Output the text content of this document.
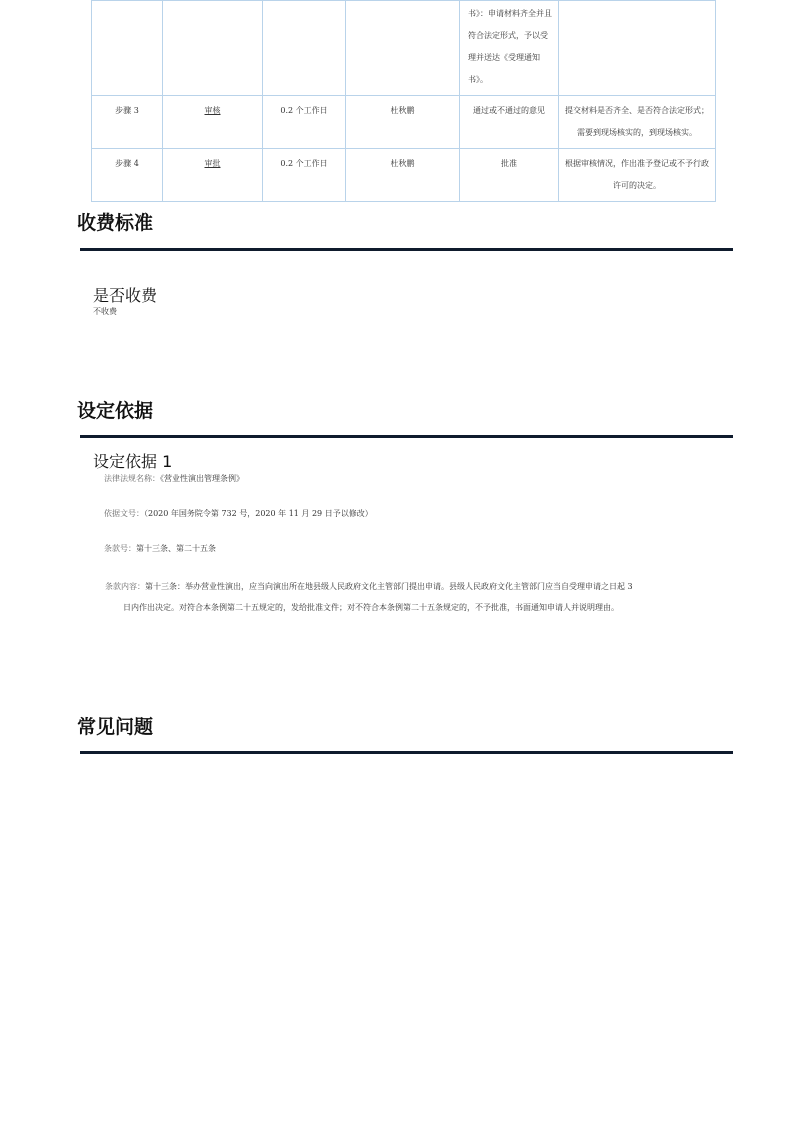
				书》：申请材料齐全并且符合法定形式，予以受理并送达《受理通知书》。	
步骤 3	审核	0.2 个工作日	杜秋鹏	通过或不通过的意见	提交材料是否齐全、是否符合法定形式；需要到现场核实的，到现场核实。
步骤 4	审批	0.2 个工作日	杜秋鹏	批准	根据审核情况，作出准予登记或不予行政许可的决定。
收费标准
是否收费
不收费
设定依据
设定依据 1
法律法规名称：《营业性演出管理条例》
依据文号：（2020 年国务院令第 732 号，2020 年 11 月 29 日予以修改）
条款号：第十三条、第二十五条
条款内容：第十三条：举办营业性演出，应当向演出所在地县级人民政府文化主管部门提出申请。县级人民政府文化主管部门应当自受理申请之日起 3
日内作出决定。对符合本条例第二十五规定的，发给批准文件；对不符合本条例第二十五条规定的，不予批准，书面通知申请人并说明理由。
常见问题
